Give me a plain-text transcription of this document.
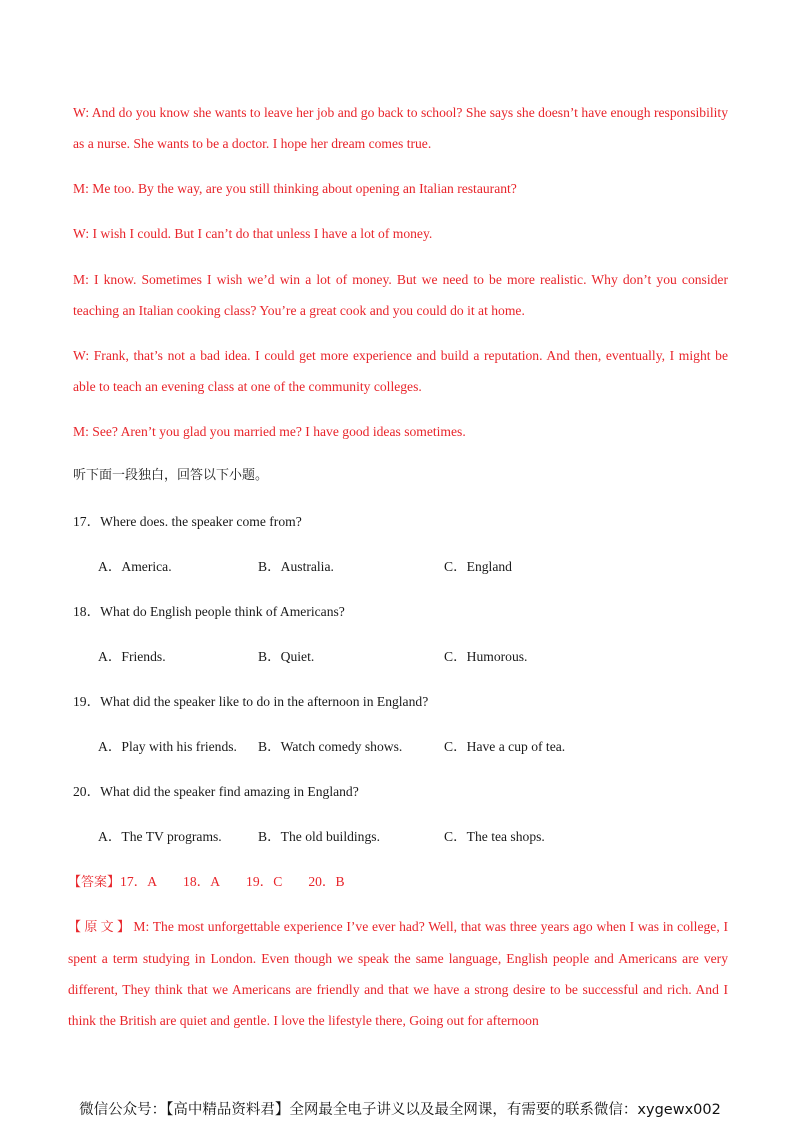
W: And do you know she wants to leave her job and go back to school? She says she doesn’t have enough responsibility as a nurse. She wants to be a doctor. I hope her dream comes true.

M: Me too. By the way, are you still thinking about opening an Italian restaurant?

W: I wish I could. But I can’t do that unless I have a lot of money.

M: I know. Sometimes I wish we’d win a lot of money. But we need to be more realistic. Why don’t you consider teaching an Italian cooking class? You’re a great cook and you could do it at home.

W: Frank, that’s not a bad idea. I could get more experience and build a reputation. And then, eventually, I might be able to teach an evening class at one of the community colleges.

M: See? Aren’t you glad you married me? I have good ideas sometimes.

听下面一段独白，回答以下小题。

17．Where does. the speaker come from?

A．America.	B．Australia.	C．England

18．What do English people think of Americans?

A．Friends.	B．Quiet.	C．Humorous.

19．What did the speaker like to do in the afternoon in England?

A．Play with his friends. B．Watch comedy shows.	C．Have a cup of tea.

20．What did the speaker find amazing in England?

A．The TV programs.	B．The old buildings.	C．The tea shops.

【答案】17．A 18．A 19．C 20．B

【原文】M: The most unforgettable experience I’ve ever had? Well, that was three years ago when I was in college, I spent a term studying in London. Even though we speak the same language, English people and Americans are very different, They think that we Americans are friendly and that we have a strong desire to be successful and rich. And I think the British are quiet and gentle. I love the lifestyle there, Going out for afternoon

微信公众号：【高中精品资料君】全网最全电子讲义以及最全网课，有需要的联系微信：xygewx002
